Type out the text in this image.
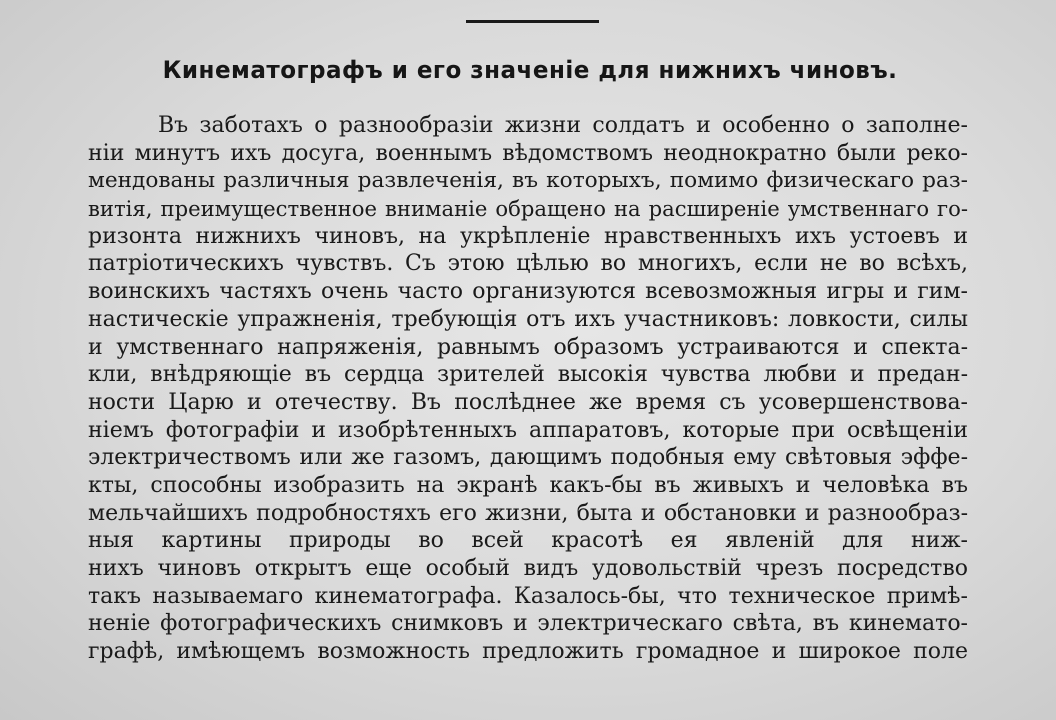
Кинематографъ и его значеніе для нижнихъ чиновъ.
Въ заботахъ о разнообразіи жизни солдатъ и особенно о заполне-
ніи минутъ ихъ досуга, военнымъ вѣдомствомъ неоднократно были реко-
мендованы различныя развлеченія, въ которыхъ, помимо физическаго раз-
витія, преимущественное вниманіе обращено на расширеніе умственнаго го-
ризонта нижнихъ чиновъ, на укрѣпленіе нравственныхъ ихъ устоевъ и
патріотическихъ чувствъ. Съ этою цѣлью во многихъ, если не во всѣхъ,
воинскихъ частяхъ очень часто организуются всевозможныя игры и гим-
настическіе упражненія, требующія отъ ихъ участниковъ: ловкости, силы
и умственнаго напряженія, равнымъ образомъ устраиваются и спекта-
кли, внѣдряющіе въ сердца зрителей высокія чувства любви и предан-
ности Царю и отечеству. Въ послѣднее же время съ усовершенствова-
ніемъ фотографіи и изобрѣтенныхъ аппаратовъ, которые при освѣщеніи
электричествомъ или же газомъ, дающимъ подобныя ему свѣтовыя эффе-
кты, способны изобразить на экранѣ какъ-бы въ живыхъ и человѣка въ
мельчайшихъ подробностяхъ его жизни, быта и обстановки и разнообраз-
ныя картины природы во всей красотѣ ея явленій для ниж-
нихъ чиновъ открытъ еще особый видъ удовольствій чрезъ посредство
такъ называемаго кинематографа. Казалось-бы, что техническое примѣ-
неніе фотографическихъ снимковъ и электрическаго свѣта, въ кинемато-
графѣ, имѣющемъ возможность предложить громадное и широкое поле
